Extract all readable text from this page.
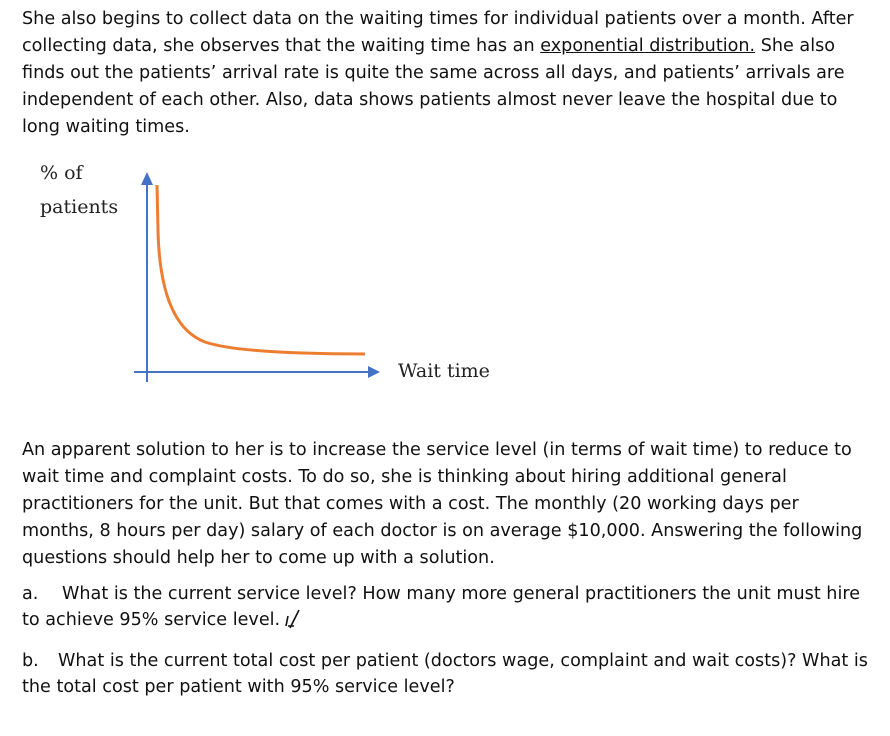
She also begins to collect data on the waiting times for individual patients over a month. After collecting data, she observes that the waiting time has an exponential distribution. She also finds out the patients’ arrival rate is quite the same across all days, and patients’ arrivals are independent of each other. Also, data shows patients almost never leave the hospital due to long waiting times.

% of
patients
Wait time

An apparent solution to her is to increase the service level (in terms of wait time) to reduce to wait time and complaint costs. To do so, she is thinking about hiring additional general practitioners for the unit. But that comes with a cost. The monthly (20 working days per months, 8 hours per day) salary of each doctor is on average $10,000. Answering the following questions should help her to come up with a solution.

a. What is the current service level? How many more general practitioners the unit must hire to achieve 95% service level.

b. What is the current total cost per patient (doctors wage, complaint and wait costs)? What is the total cost per patient with 95% service level?
